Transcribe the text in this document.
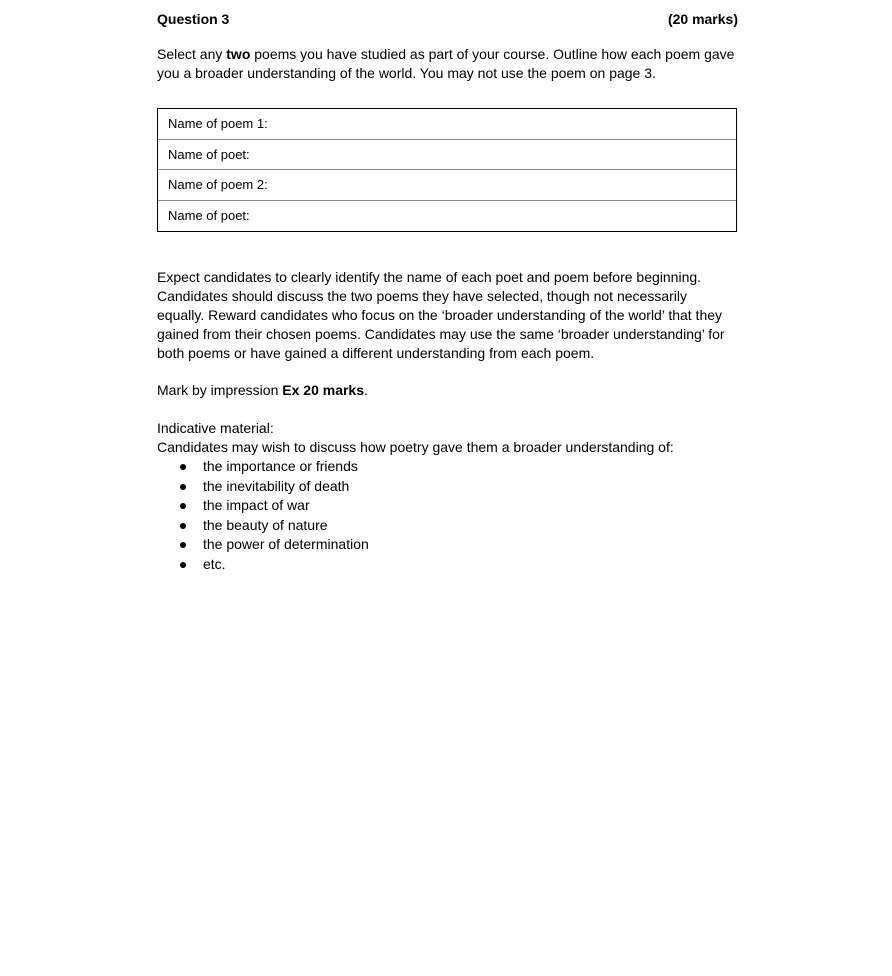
Question 3	(20 marks)
Select any two poems you have studied as part of your course. Outline how each poem gave you a broader understanding of the world. You may not use the poem on page 3.
Name of poem 1:
Name of poet:
Name of poem 2:
Name of poet:

Expect candidates to clearly identify the name of each poet and poem before beginning. Candidates should discuss the two poems they have selected, though not necessarily equally. Reward candidates who focus on the ‘broader understanding of the world’ that they gained from their chosen poems. Candidates may use the same ‘broader understanding’ for both poems or have gained a different understanding from each poem.

Mark by impression Ex 20 marks.

Indicative material:

Candidates may wish to discuss how poetry gave them a broader understanding of:

the importance or friends
the inevitability of death
the impact of war
the beauty of nature
the power of determination
etc.
